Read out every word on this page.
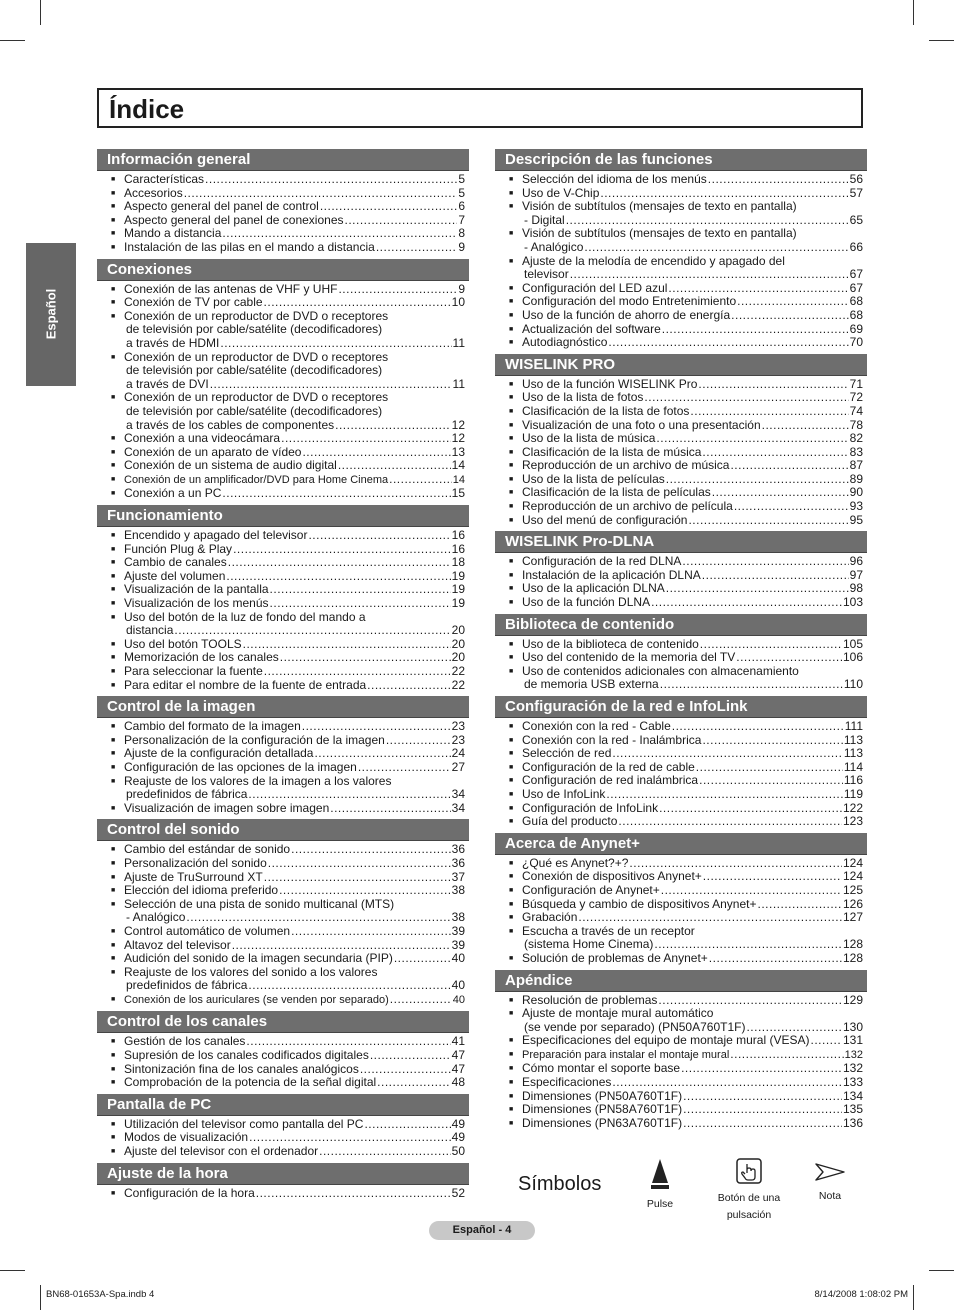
Índice
Español
Información general
■ Características .....	5
■ Accesorios .....	5
■ Aspecto general del panel de control .....	6
■ Aspecto general del panel de conexiones .....	7
■ Mando a distancia .....	8
■ Instalación de las pilas en el mando a distancia .....	9
Conexiones
■ Conexión de las antenas de VHF y UHF .....	9
■ Conexión de TV por cable .....	10
■ Conexión de un reproductor de DVD o receptores
de televisión por cable/satélite (decodificadores)
a través de HDMI .....	11
■ Conexión de un reproductor de DVD o receptores
de televisión por cable/satélite (decodificadores)
a través de DVI .....	11
■ Conexión de un reproductor de DVD o receptores
de televisión por cable/satélite (decodificadores)
a través de los cables de componentes .....	12
■ Conexión a una videocámara .....	12
■ Conexión de un aparato de vídeo .....	13
■ Conexión de un sistema de audio digital .....	14
■ Conexión de un amplificador/DVD para Home Cinema .....	14
■ Conexión a un PC .....	15
Funcionamiento
■ Encendido y apagado del televisor .....	16
■ Función Plug & Play .....	16
■ Cambio de canales .....	18
■ Ajuste del volumen .....	19
■ Visualización de la pantalla .....	19
■ Visualización de los menús .....	19
■ Uso del botón de la luz de fondo del mando a
distancia .....	20
■ Uso del botón TOOLS .....	20
■ Memorización de los canales .....	20
■ Para seleccionar la fuente .....	22
■ Para editar el nombre de la fuente de entrada .....	22
Control de la imagen
■ Cambio del formato de la imagen .....	23
■ Personalización de la configuración de la imagen .....	23
■ Ajuste de la configuración detallada .....	24
■ Configuración de las opciones de la imagen .....	27
■ Reajuste de los valores de la imagen a los valores
predefinidos de fábrica .....	34
■ Visualización de imagen sobre imagen .....	34
Control del sonido
■ Cambio del estándar de sonido .....	36
■ Personalización del sonido .....	36
■ Ajuste de TruSurround XT .....	37
■ Elección del idioma preferido .....	38
■ Selección de una pista de sonido multicanal (MTS)
- Analógico .....	38
■ Control automático de volumen .....	39
■ Altavoz del televisor .....	39
■ Audición del sonido de la imagen secundaria (PIP) .....	40
■ Reajuste de los valores del sonido a los valores
predefinidos de fábrica .....	40
■ Conexión de los auriculares (se venden por separado) .....	40
Control de los canales
■ Gestión de los canales .....	41
■ Supresión de los canales codificados digitales .....	47
■ Sintonización fina de los canales analógicos .....	47
■ Comprobación de la potencia de la señal digital .....	48
Pantalla de PC
■ Utilización del televisor como pantalla del PC .....	49
■ Modos de visualización .....	49
■ Ajuste del televisor con el ordenador .....	50
Ajuste de la hora
■ Configuración de la hora .....	52
Descripción de las funciones
■ Selección del idioma de los menús .....	56
■ Uso de V-Chip .....	57
■ Visión de subtítulos (mensajes de texto en pantalla)
- Digital .....	65
■ Visión de subtítulos (mensajes de texto en pantalla)
- Analógico .....	66
■ Ajuste de la melodía de encendido y apagado del
televisor .....	67
■ Configuración del LED azul .....	67
■ Configuración del modo Entretenimiento .....	68
■ Uso de la función de ahorro de energía .....	68
■ Actualización del software .....	69
■ Autodiagnóstico .....	70
WISELINK PRO
■ Uso de la función WISELINK Pro .....	71
■ Uso de la lista de fotos .....	72
■ Clasificación de la lista de fotos .....	74
■ Visualización de una foto o una presentación .....	78
■ Uso de la lista de música .....	82
■ Clasificación de la lista de música .....	83
■ Reproducción de un archivo de música .....	87
■ Uso de la lista de películas .....	89
■ Clasificación de la lista de películas .....	90
■ Reproducción de un archivo de película .....	93
■ Uso del menú de configuración .....	95
WISELINK Pro-DLNA
■ Configuración de la red DLNA .....	96
■ Instalación de la aplicación DLNA .....	97
■ Uso de la aplicación DLNA .....	98
■ Uso de la función DLNA .....	103
Biblioteca de contenido
■ Uso de la biblioteca de contenido .....	105
■ Uso del contenido de la memoria del TV .....	106
■ Uso de contenidos adicionales con almacenamiento
de memoria USB externa .....	110
Configuración de la red e InfoLink
■ Conexión con la red - Cable .....	111
■ Conexión con la red - Inalámbrica .....	113
■ Selección de red .....	113
■ Configuración de la red de cable .....	114
■ Configuración de red inalámbrica .....	116
■ Uso de InfoLink .....	119
■ Configuración de InfoLink .....	122
■ Guía del producto .....	123
Acerca de Anynet+
■ ¿Qué es Anynet?+? .....	124
■ Conexión de dispositivos Anynet+ .....	124
■ Configuración de Anynet+ .....	125
■ Búsqueda y cambio de dispositivos Anynet+ .....	126
■ Grabación .....	127
■ Escucha a través de un receptor
(sistema Home Cinema) .....	128
■ Solución de problemas de Anynet+ .....	128
Apéndice
■ Resolución de problemas .....	129
■ Ajuste de montaje mural automático
(se vende por separado) (PN50A760T1F) .....	130
■ Especificaciones del equipo de montaje mural (VESA) .....	131
■ Preparación para instalar el montaje mural .....	132
■ Cómo montar el soporte base .....	132
■ Especificaciones .....	133
■ Dimensiones (PN50A760T1F) .....	134
■ Dimensiones (PN58A760T1F) .....	135
■ Dimensiones (PN63A760T1F) .....	136
Símbolos
Pulse	Botón de una pulsación
Nota
Español - 4
BN68-01653A-Spa.indb 4	8/14/2008 1:08:02 PM
